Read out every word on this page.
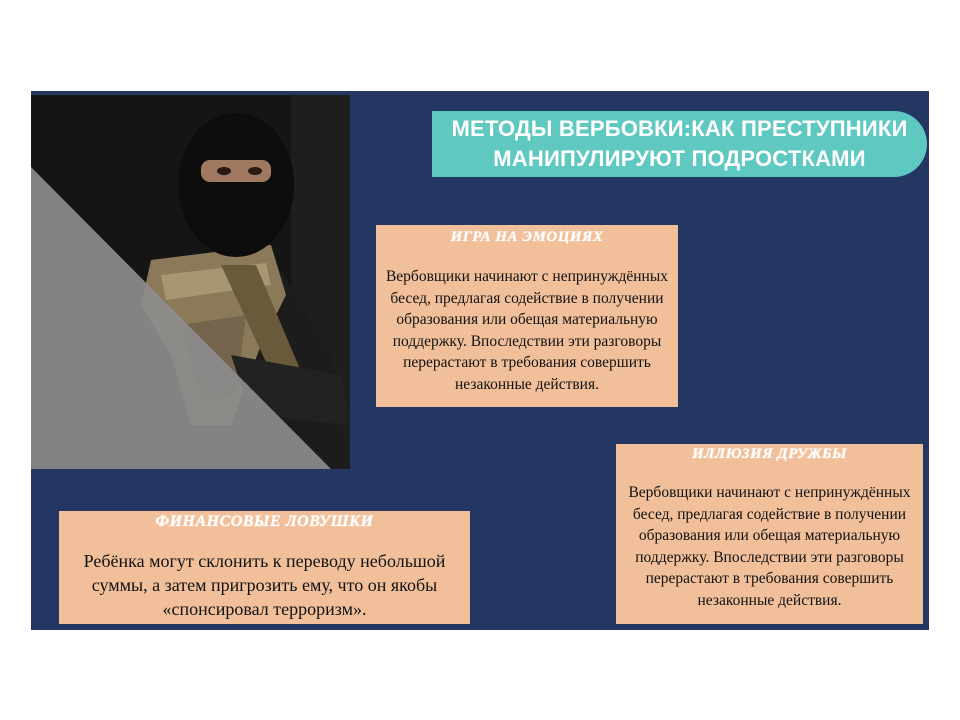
МЕТОДЫ ВЕРБОВКИ:КАК ПРЕСТУПНИКИ МАНИПУЛИРУЮТ ПОДРОСТКАМИ
ИГРА НА ЭМОЦИЯХ
Вербовщики начинают с непринуждённых бесед, предлагая содействие в получении образования или обещая материальную поддержку. Впоследствии эти разговоры перерастают в требования совершить незаконные действия.
ИЛЛЮЗИЯ ДРУЖБЫ
Вербовщики начинают с непринуждённых бесед, предлагая содействие в получении образования или обещая материальную поддержку. Впоследствии эти разговоры перерастают в требования совершить незаконные действия.
ФИНАНСОВЫЕ ЛОВУШКИ
Ребёнка могут склонить к переводу небольшой суммы, а затем пригрозить ему, что он якобы «спонсировал терроризм».
